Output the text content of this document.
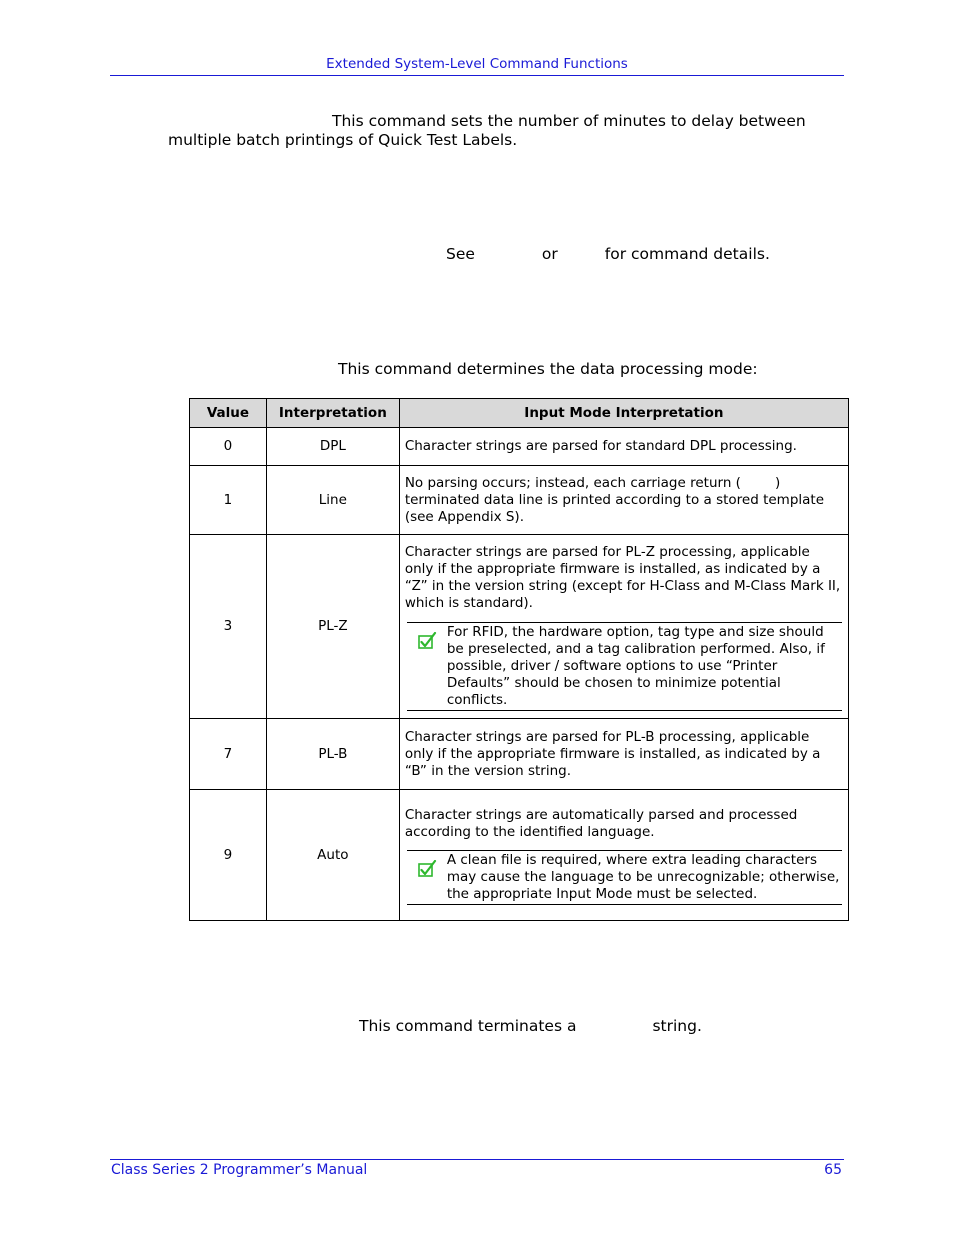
Extended System-Level Command Functions
This command sets the number of minutes to delay between
multiple batch printings of Quick Test Labels.
See	or	for command details.
This command determines the data processing mode:
Value	Interpretation	Input Mode Interpretation
0	DPL	Character strings are parsed for standard DPL processing.
1	Line	No parsing occurs; instead, each carriage return ( ) terminated data line is printed according to a stored template (see Appendix S).
3	PL-Z	Character strings are parsed for PL-Z processing, applicable only if the appropriate firmware is installed, as indicated by a “Z” in the version string (except for H-Class and M-Class Mark II, which is standard).
For RFID, the hardware option, tag type and size should be preselected, and a tag calibration performed. Also, if possible, driver / software options to use “Printer Defaults” should be chosen to minimize potential conflicts.

7	PL-B	Character strings are parsed for PL-B processing, applicable only if the appropriate firmware is installed, as indicated by a “B” in the version string.
9	Auto	Character strings are automatically parsed and processed according to the identified language.
A clean file is required, where extra leading characters may cause the language to be unrecognizable; otherwise, the appropriate Input Mode must be selected.
This command terminates a	string.
Class Series 2 Programmer’s Manual	65
